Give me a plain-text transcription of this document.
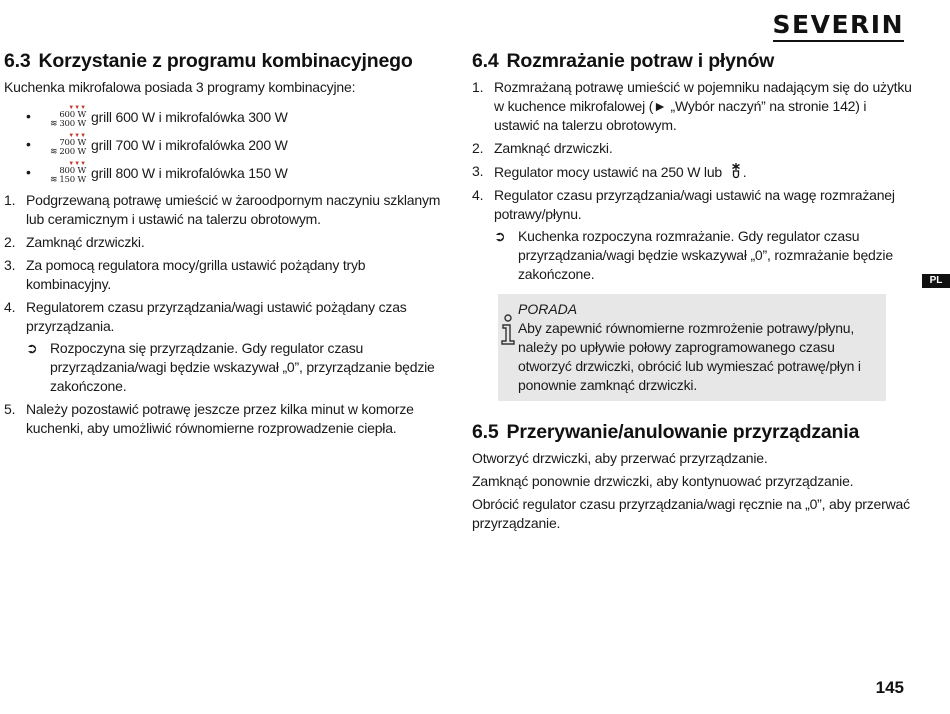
SEVERIN
6.3 Korzystanie z programu kombinacyjnego

Kuchenka mikrofalowa posiada 3 programy kombinacyjne:

• ▼▼▼
600 W
≋ 300 W grill 600 W i mikrofalówka 300 W
• ▼▼▼
700 W
≋ 200 W grill 700 W i mikrofalówka 200 W
• ▼▼▼
800 W
≋ 150 W grill 800 W i mikrofalówka 150 W
1. Podgrzewaną potrawę umieścić w żaroodpornym naczyniu szklanym lub ceramicznym i ustawić na talerzu obrotowym.
2. Zamknąć drzwiczki.
3. Za pomocą regulatora mocy/grilla ustawić pożądany tryb kombinacyjny.
4. Regulatorem czasu przyrządzania/wagi ustawić pożądany czas przyrządzania.
➲ Rozpoczyna się przyrządzanie. Gdy regulator czasu przyrządzania/wagi będzie wskazywał „0”, przyrządzanie będzie zakończone.
5. Należy pozostawić potrawę jeszcze przez kilka minut w komorze kuchenki, aby umożliwić równomierne rozprowadzenie ciepła.
6.4 Rozmrażanie potraw i płynów
1. Rozmrażaną potrawę umieścić w pojemniku nadającym się do użytku w kuchence mikrofalowej (► „Wybór naczyń” na stronie 142) i ustawić na talerzu obrotowym.
2. Zamknąć drzwiczki.
3. Regulator mocy ustawić na 250 W lub .
4. Regulator czasu przyrządzania/wagi ustawić na wagę rozmrażanej potrawy/płynu.
➲ Kuchenka rozpoczyna rozmrażanie. Gdy regulator czasu przyrządzania/wagi będzie wskazywał „0”, rozmrażanie będzie zakończone.
PORADA

Aby zapewnić równomierne rozmrożenie potrawy/płynu, należy po upływie połowy zaprogramowanego czasu otworzyć drzwiczki, obrócić lub wymieszać potrawę/płyn i ponownie zamknąć drzwiczki.

6.5 Przerywanie/anulowanie przyrządzania

Otworzyć drzwiczki, aby przerwać przyrządzanie.

Zamknąć ponownie drzwiczki, aby kontynuować przyrządzanie.

Obrócić regulator czasu przyrządzania/wagi ręcznie na „0”, aby przerwać przyrządzanie.

PL
145
